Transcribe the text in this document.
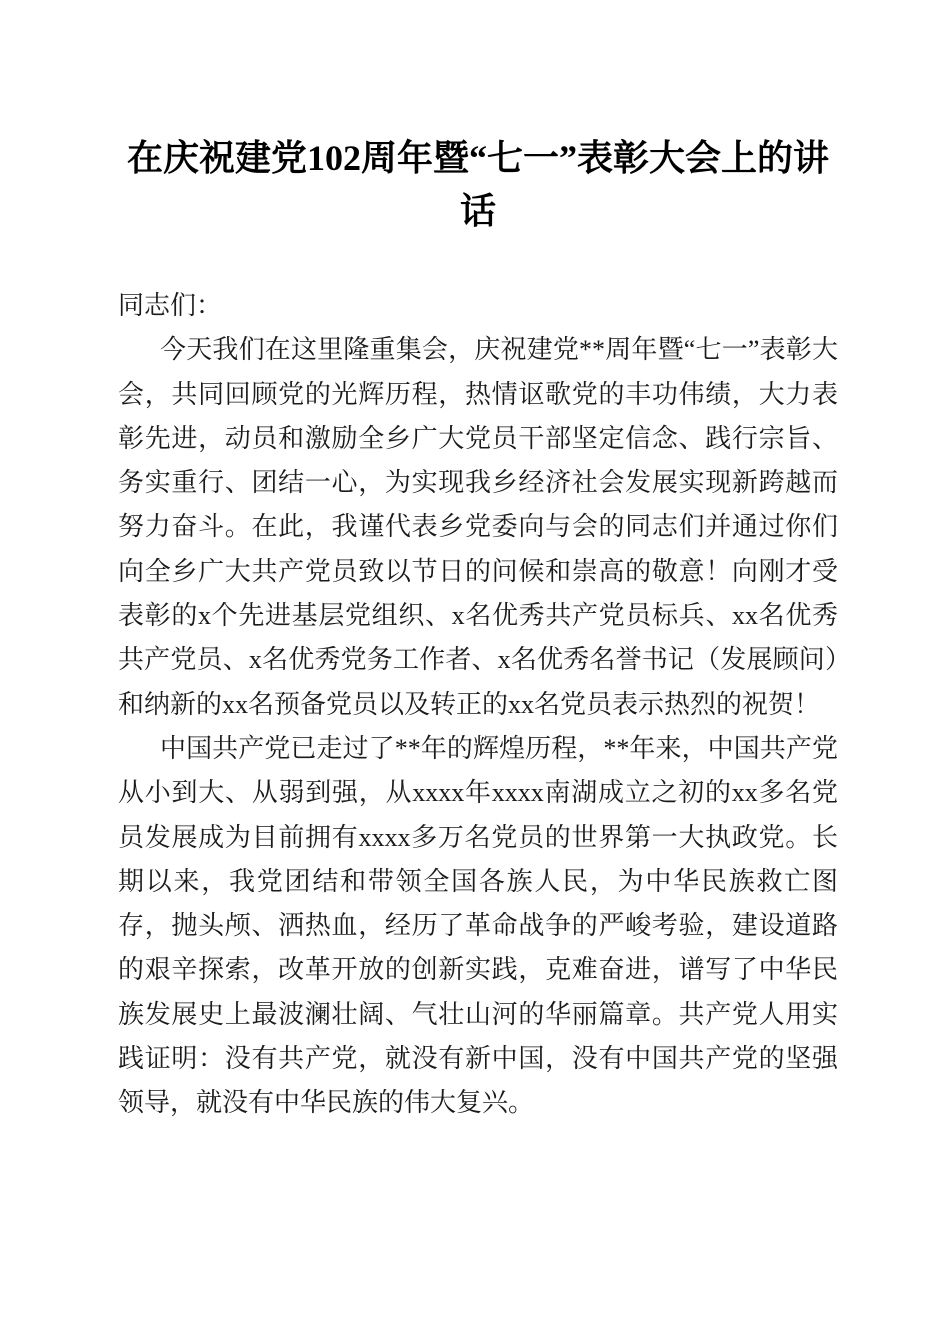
在庆祝建党102周年暨“七一”表彰大会上的讲话

同志们：

今天我们在这里隆重集会，庆祝建党**周年暨“七一”表彰大会，共同回顾党的光辉历程，热情讴歌党的丰功伟绩，大力表彰先进，动员和激励全乡广大党员干部坚定信念、践行宗旨、务实重行、团结一心，为实现我乡经济社会发展实现新跨越而努力奋斗。在此，我谨代表乡党委向与会的同志们并通过你们向全乡广大共产党员致以节日的问候和崇高的敬意！向刚才受表彰的x个先进基层党组织、x名优秀共产党员标兵、xx名优秀共产党员、x名优秀党务工作者、x名优秀名誉书记（发展顾问）和纳新的xx名预备党员以及转正的xx名党员表示热烈的祝贺！

中国共产党已走过了**年的辉煌历程，**年来，中国共产党从小到大、从弱到强，从xxxx年xxxx南湖成立之初的xx多名党员发展成为目前拥有xxxx多万名党员的世界第一大执政党。长期以来，我党团结和带领全国各族人民，为中华民族救亡图存，抛头颅、洒热血，经历了革命战争的严峻考验，建设道路的艰辛探索，改革开放的创新实践，克难奋进，谱写了中华民族发展史上最波澜壮阔、气壮山河的华丽篇章。共产党人用实践证明：没有共产党，就没有新中国，没有中国共产党的坚强领导，就没有中华民族的伟大复兴。
